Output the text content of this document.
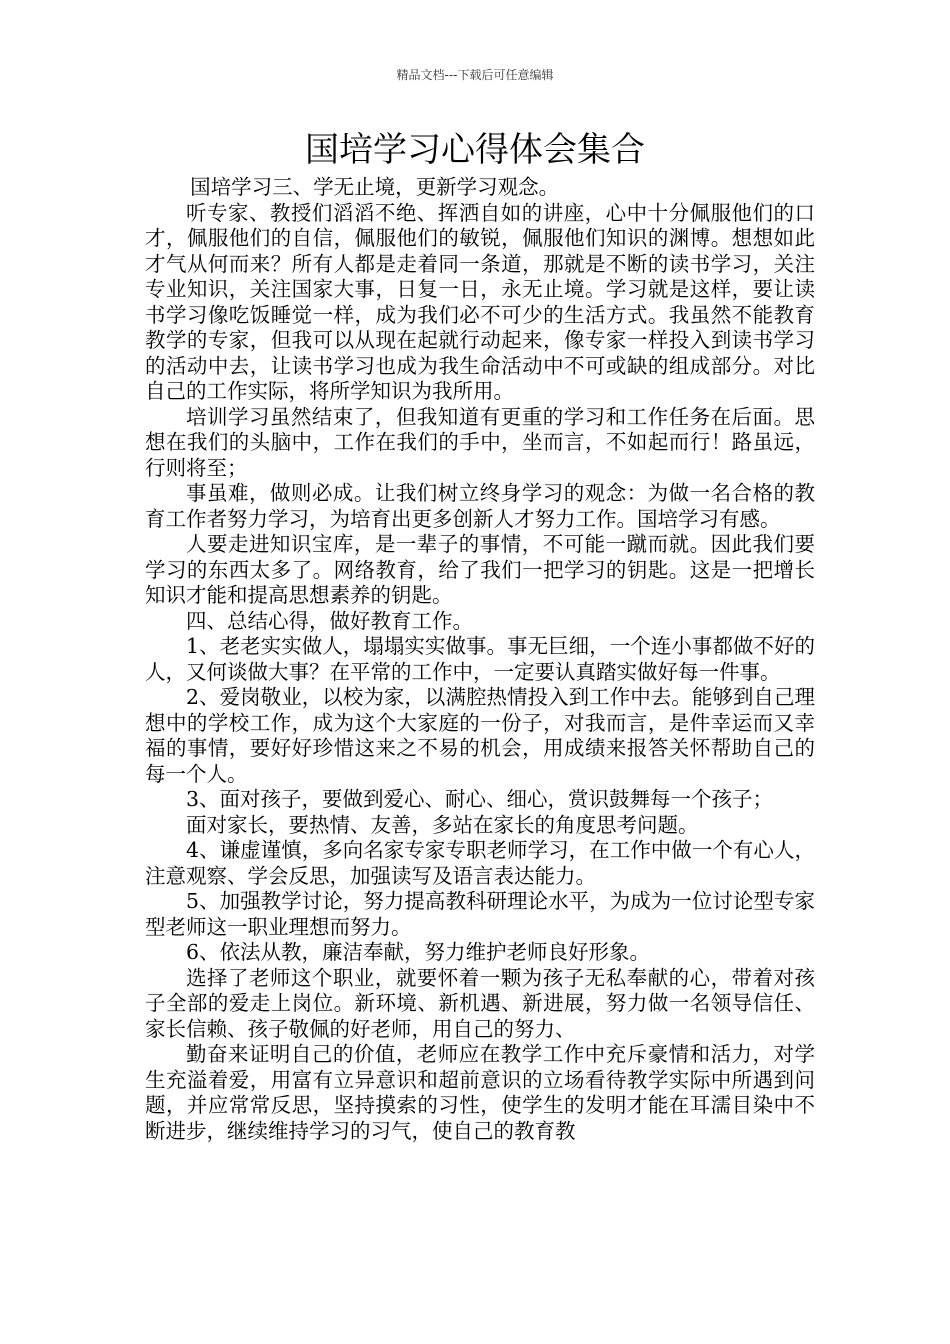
精品文档---下载后可任意编辑
国培学习心得体会集合

国培学习三、学无止境，更新学习观念。

听专家、教授们滔滔不绝、挥洒自如的讲座，心中十分佩服他们的口才，佩服他们的自信，佩服他们的敏锐，佩服他们知识的渊博。想想如此才气从何而来？所有人都是走着同一条道，那就是不断的读书学习，关注专业知识，关注国家大事，日复一日，永无止境。学习就是这样，要让读书学习像吃饭睡觉一样，成为我们必不可少的生活方式。我虽然不能教育教学的专家，但我可以从现在起就行动起来，像专家一样投入到读书学习的活动中去，让读书学习也成为我生命活动中不可或缺的组成部分。对比自己的工作实际，将所学知识为我所用。

培训学习虽然结束了，但我知道有更重的学习和工作任务在后面。思想在我们的头脑中，工作在我们的手中，坐而言，不如起而行！路虽远，行则将至；

事虽难，做则必成。让我们树立终身学习的观念：为做一名合格的教育工作者努力学习，为培育出更多创新人才努力工作。国培学习有感。

人要走进知识宝库，是一辈子的事情，不可能一蹴而就。因此我们要学习的东西太多了。网络教育，给了我们一把学习的钥匙。这是一把增长知识才能和提高思想素养的钥匙。

四、总结心得，做好教育工作。

1、老老实实做人，塌塌实实做事。事无巨细，一个连小事都做不好的人，又何谈做大事？在平常的工作中，一定要认真踏实做好每一件事。

2、爱岗敬业，以校为家，以满腔热情投入到工作中去。能够到自己理想中的学校工作，成为这个大家庭的一份子，对我而言，是件幸运而又幸福的事情，要好好珍惜这来之不易的机会，用成绩来报答关怀帮助自己的每一个人。

3、面对孩子，要做到爱心、耐心、细心，赏识鼓舞每一个孩子；

面对家长，要热情、友善，多站在家长的角度思考问题。

4、谦虚谨慎，多向名家专家专职老师学习，在工作中做一个有心人，注意观察、学会反思，加强读写及语言表达能力。

5、加强教学讨论，努力提高教科研理论水平，为成为一位讨论型专家型老师这一职业理想而努力。

6、依法从教，廉洁奉献，努力维护老师良好形象。

选择了老师这个职业，就要怀着一颗为孩子无私奉献的心，带着对孩子全部的爱走上岗位。新环境、新机遇、新进展，努力做一名领导信任、家长信赖、孩子敬佩的好老师，用自己的努力、

勤奋来证明自己的价值，老师应在教学工作中充斥豪情和活力，对学生充溢着爱，用富有立异意识和超前意识的立场看待教学实际中所遇到问题，并应常常反思，坚持摸索的习性，使学生的发明才能在耳濡目染中不断进步，继续维持学习的习气，使自己的教育教
